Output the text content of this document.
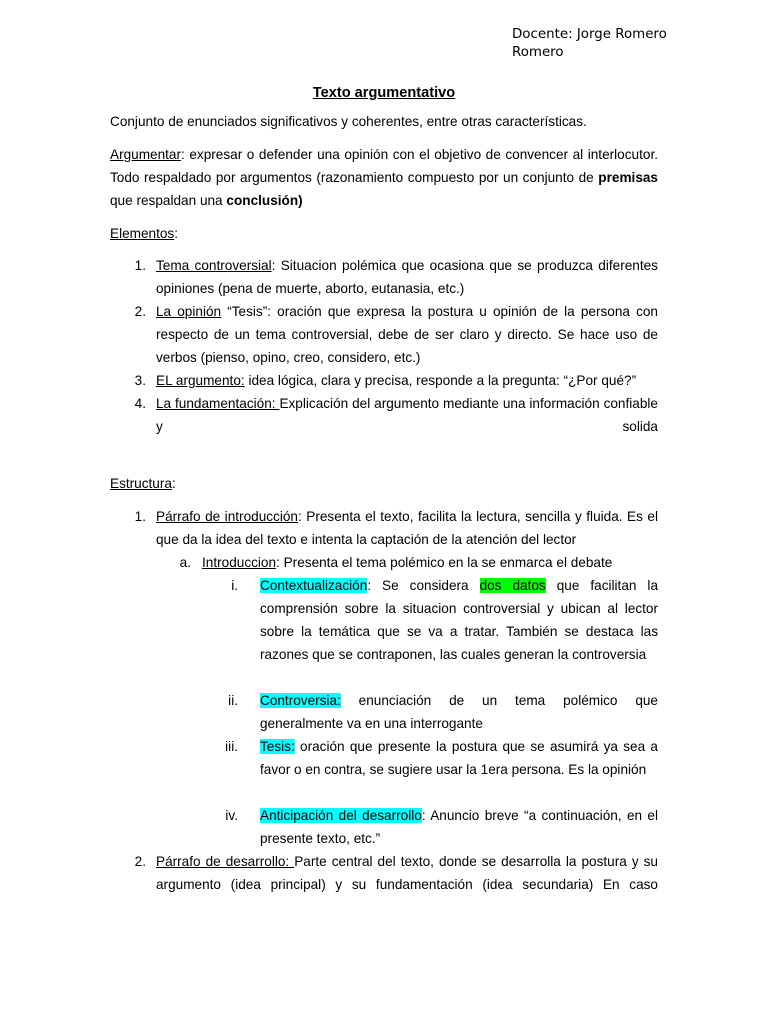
Docente: Jorge Romero Romero
Texto argumentativo
Conjunto de enunciados significativos y coherentes, entre otras características.
Argumentar: expresar o defender una opinión con el objetivo de convencer al interlocutor. Todo respaldado por argumentos (razonamiento compuesto por un conjunto de premisas que respaldan una conclusión)
Elementos:
1. Tema controversial: Situacion polémica que ocasiona que se produzca diferentes opiniones (pena de muerte, aborto, eutanasia, etc.)
2. La opinión “Tesis”: oración que expresa la postura u opinión de la persona con respecto de un tema controversial, debe de ser claro y directo. Se hace uso de verbos (pienso, opino, creo, considero, etc.)
3. EL argumento: idea lógica, clara y precisa, responde a la pregunta: “¿Por qué?”
4. La fundamentación: Explicación del argumento mediante una información confiable y solida
Estructura:
1. Párrafo de introducción: Presenta el texto, facilita la lectura, sencilla y fluida. Es el que da la idea del texto e intenta la captación de la atención del lector
a. Introduccion: Presenta el tema polémico en la se enmarca el debate
i. Contextualización: Se considera dos datos que facilitan la comprensión sobre la situacion controversial y ubican al lector sobre la temática que se va a tratar. También se destaca las razones que se contraponen, las cuales generan la controversia
ii. Controversia: enunciación de un tema polémico que generalmente va en una interrogante
iii. Tesis: oración que presente la postura que se asumirá ya sea a favor o en contra, se sugiere usar la 1era persona. Es la opinión
iv. Anticipación del desarrollo: Anuncio breve “a continuación, en el presente texto, etc.”
2. Párrafo de desarrollo: Parte central del texto, donde se desarrolla la postura y su argumento (idea principal) y su fundamentación (idea secundaria) En caso
